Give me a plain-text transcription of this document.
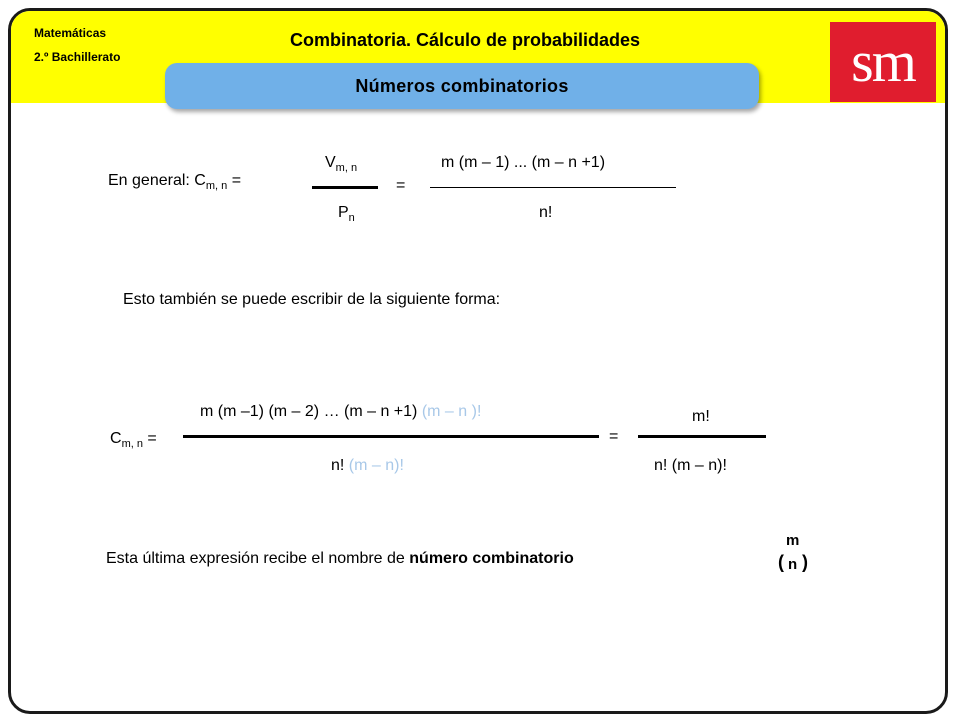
Matemáticas
2.º Bachillerato
Combinatoria. Cálculo de probabilidades	sm
Números combinatorios
En general: $C_{m, n}$ =
$V_{m, n}$
$P_n$
=
m (m – 1) ... (m – n +1)
n!
Esto también se puede escribir de la siguiente forma:
$C_{m, n}$ =
m (m –1) (m – 2) … (m – n +1) (m – n )!
n! (m – n)!
=
m!
n! (m – n)!
Esta última expresión recibe el nombre de número combinatorio
m
( n )
